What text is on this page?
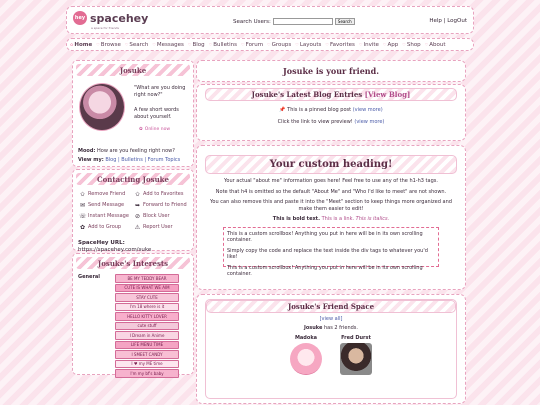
hey spacehey
a space for friends
Search Users:	Search	Help | LogOut
✿ Home ♡ Browse ♡ Search ♡ Messages ♡ Blog ♡ Bulletins ♡ Forum ♡ Groups ♡ Layouts ♡ Favorites ♡ Invite ♡ App ♡ Shop ♡ About
Josuke
"What are you doing right now?"
A few short words about yourself.
✿ Online now
Mood: How are you feeling right now?
View my: Blog | Bulletins | Forum Topics
Contacting Josuke
✩ Remove Friend ✩ Add to Favorites
✉ Send Message ➥ Forward to Friend
☏ Instant Message ⊘ Block User
✿ Add to Group ⚠ Report User
SpaceHey URL:
https://spacehey.com/suke
Josuke's Interests
General	BE MY TEDDY BEAR
CUTE IS WHAT WE AIM
STAY CUTE
I'm 18 where is it
HELLO KITTY LOVER
cute stuff
I Dream in Anime
LIFE MENU TIME
I SMEET CANDY
I ♥ my ME time
I'm my bf's baby
Josuke is your friend.
Josuke's Latest Blog Entries
[View Blog]
📌 This is a pinned blog post (view more)
Click the link to view preview! (view more)
Your custom heading!
Your actual "about me" information goes here! Feel free to use any of the h1-h3 tags.
Note that h4 is omitted so the default "About Me" and "Who I'd like to meet" are not shown.
You can also remove this and paste it into the "Meet" section to keep things more organized and make them easier to edit!
This is bold text. This is a link. This is italics.

This is a custom scrollbox! Anything you put in here will be in its own scrolling container.

Simply copy the code and replace the text inside the div tags to whatever you'd like!

This is a custom scrollbox! Anything you put in here will be in its own scrolling container.

Josuke's Friend Space
[view all]
Josuke has 2 friends.
Madoka	Fred Durst
